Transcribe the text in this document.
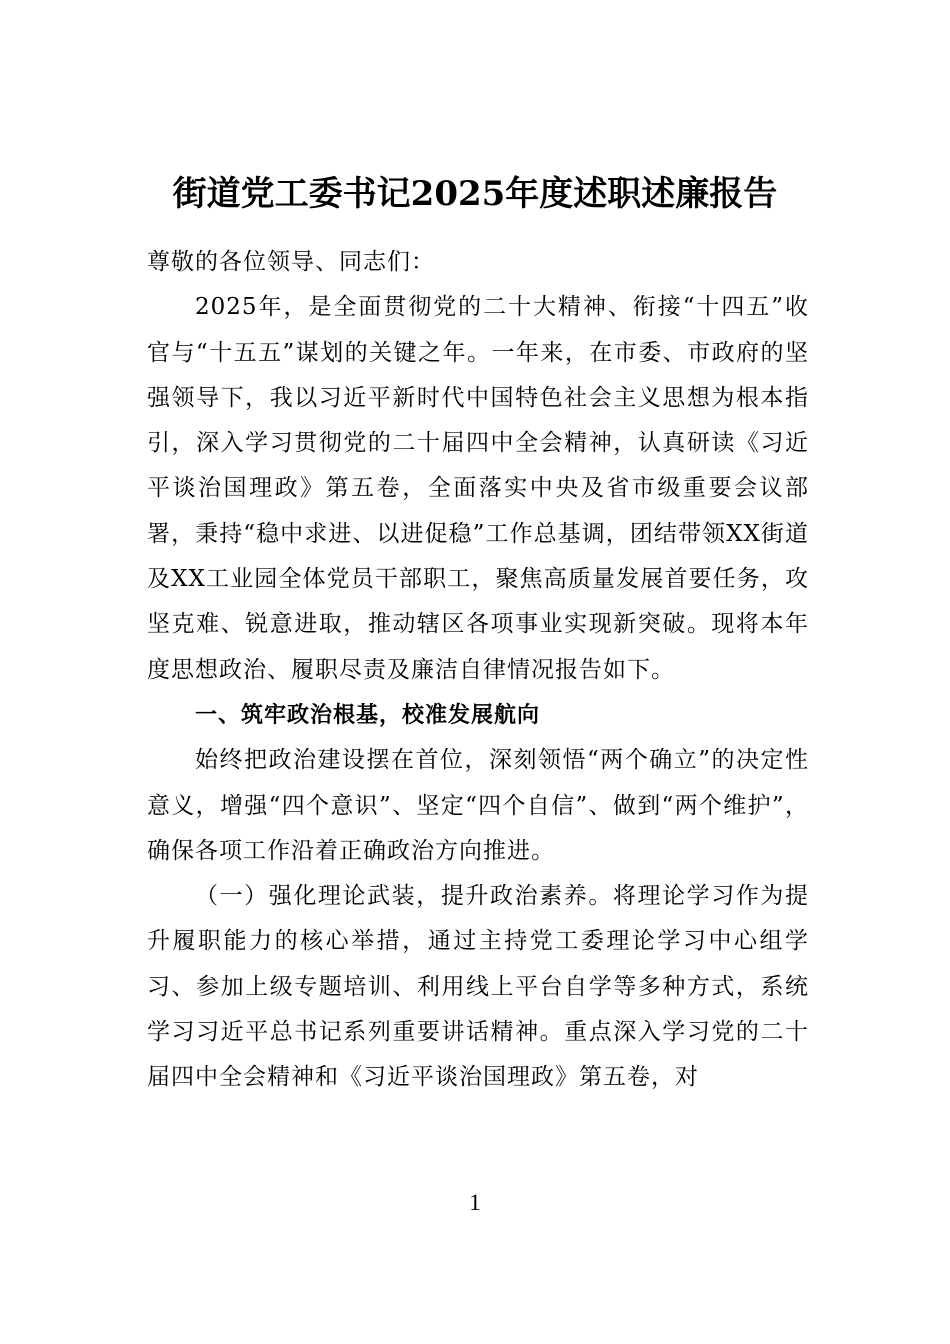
街道党工委书记2025年度述职述廉报告

尊敬的各位领导、同志们：

2025年，是全面贯彻党的二十大精神、衔接“十四五”收官与“十五五”谋划的关键之年。一年来，在市委、市政府的坚强领导下，我以习近平新时代中国特色社会主义思想为根本指引，深入学习贯彻党的二十届四中全会精神，认真研读《习近平谈治国理政》第五卷，全面落实中央及省市级重要会议部署，秉持“稳中求进、以进促稳”工作总基调，团结带领XX街道及XX工业园全体党员干部职工，聚焦高质量发展首要任务，攻坚克难、锐意进取，推动辖区各项事业实现新突破。现将本年度思想政治、履职尽责及廉洁自律情况报告如下。

一、筑牢政治根基，校准发展航向

始终把政治建设摆在首位，深刻领悟“两个确立”的决定性意义，增强“四个意识”、坚定“四个自信”、做到“两个维护”，确保各项工作沿着正确政治方向推进。

（一）强化理论武装，提升政治素养。将理论学习作为提升履职能力的核心举措，通过主持党工委理论学习中心组学习、参加上级专题培训、利用线上平台自学等多种方式，系统学习习近平总书记系列重要讲话精神。重点深入学习党的二十届四中全会精神和《习近平谈治国理政》第五卷，对

1
